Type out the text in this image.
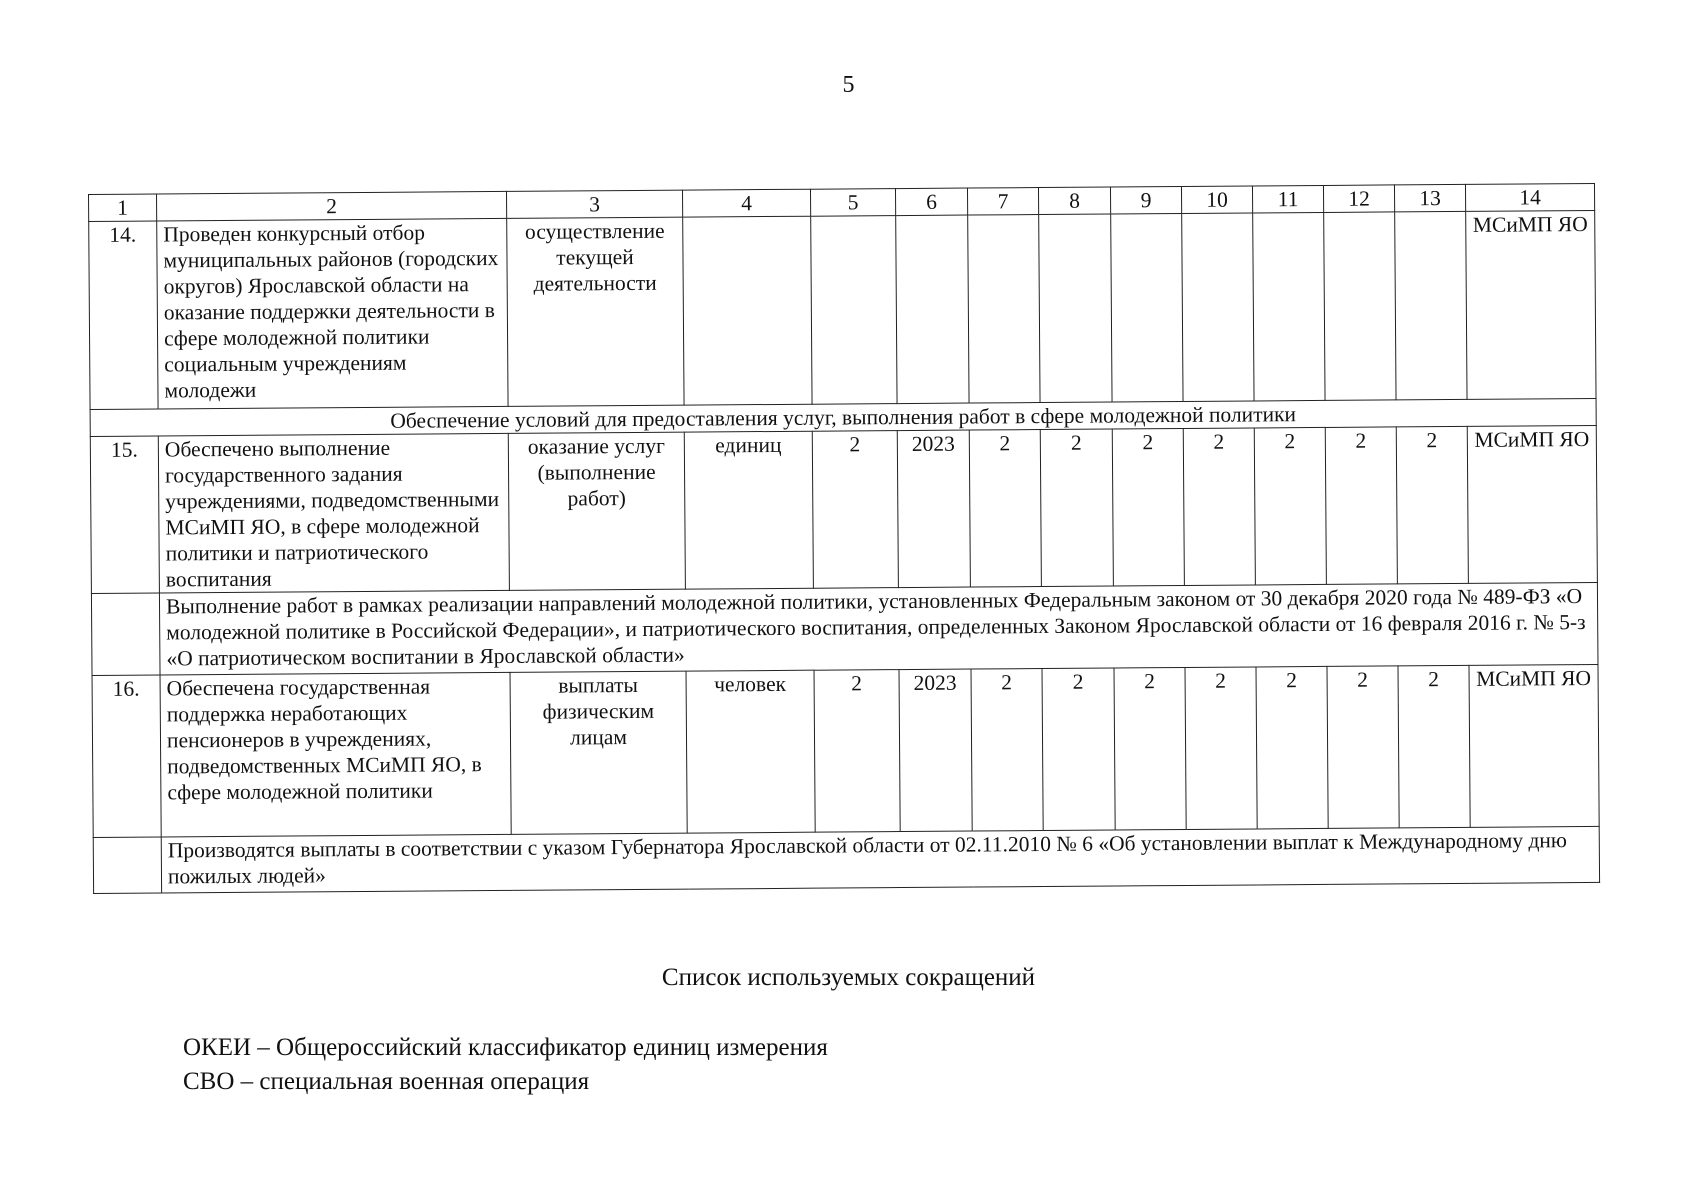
5
1	2	3	4	5	6	7	8	9	10	11	12	13	14
14.	Проведен конкурсный отбор муниципальных районов (городских округов) Ярославской области на оказание поддержки деятельности в сфере молодежной политики социальным учреждениям молодежи	осуществление текущей деятельности											МСиМП ЯО
Обеспечение условий для предоставления услуг, выполнения работ в сфере молодежной политики													
15.	Обеспечено выполнение государственного задания учреждениями, подведомственными МСиМП ЯО, в сфере молодежной политики и патриотического воспитания	оказание услуг (выполнение работ)	единиц	2	2023	2	2	2	2	2	2	2	МСиМП ЯО
	Выполнение работ в рамках реализации направлений молодежной политики, установленных Федеральным законом от 30 декабря 2020 года № 489-ФЗ «О молодежной политике в Российской Федерации», и патриотического воспитания, определенных Законом Ярославской области от 16 февраля 2016 г. № 5-з «О патриотическом воспитании в Ярославской области»												
16.	Обеспечена государственная поддержка неработающих пенсионеров в учреждениях, подведомственных МСиМП ЯО, в сфере молодежной политики	выплаты физическим лицам	человек	2	2023	2	2	2	2	2	2	2	МСиМП ЯО
	Производятся выплаты в соответствии с указом Губернатора Ярославской области от 02.11.2010 № 6 «Об установлении выплат к Международному дню пожилых людей»												
Список используемых сокращений
ОКЕИ – Общероссийский классификатор единиц измерения
СВО – специальная военная операция
